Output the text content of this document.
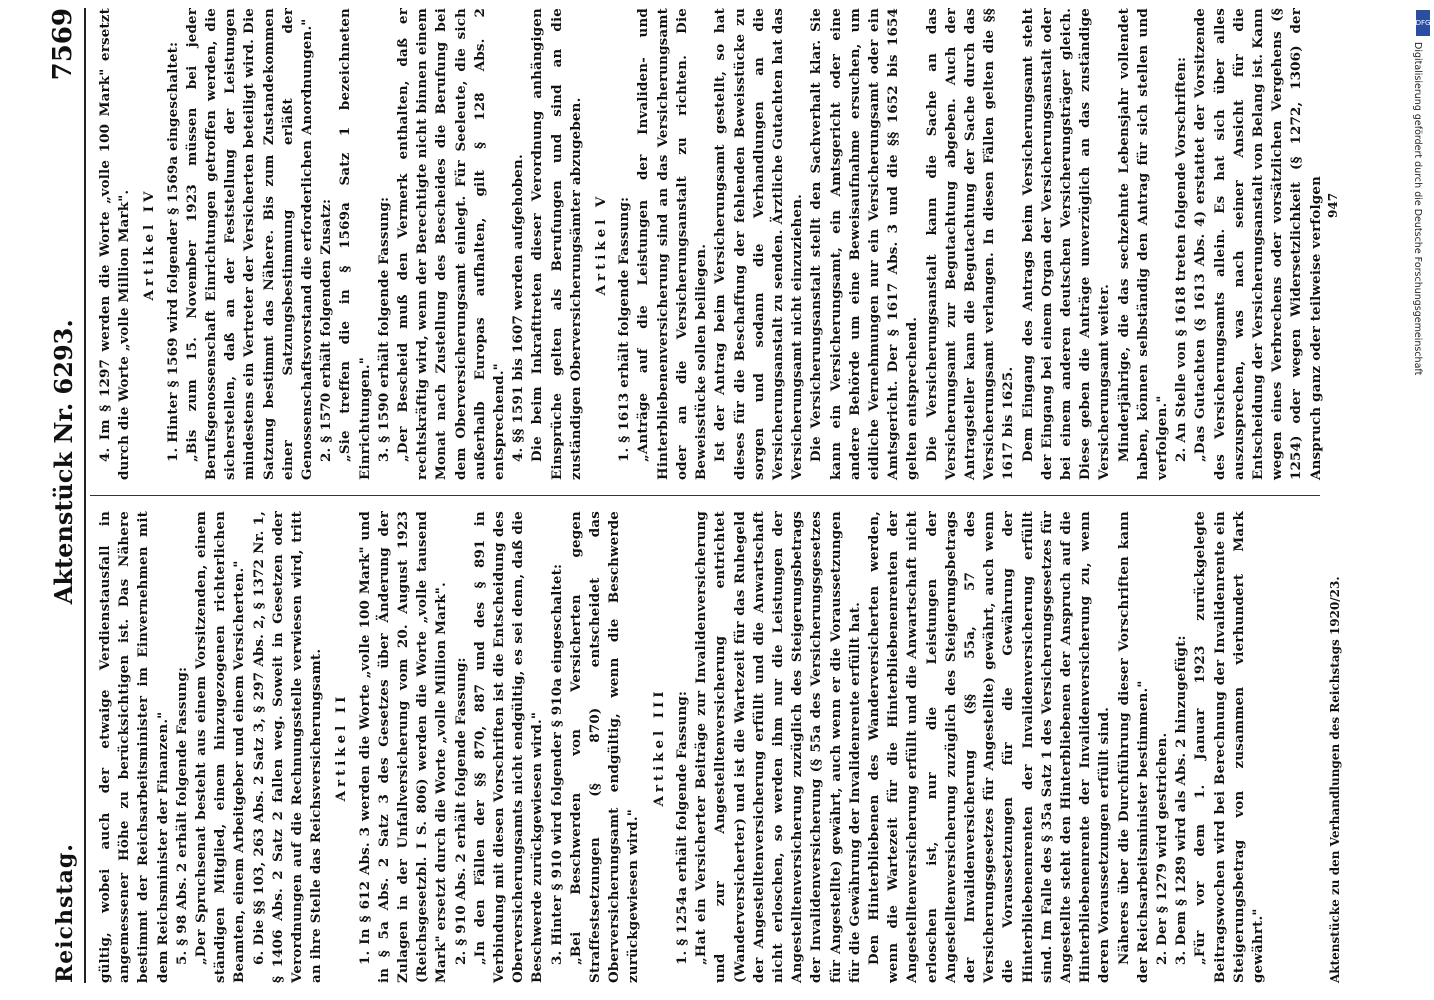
Reichstag.
Aktenstück Nr. 6293.
7569

gültig, wobei auch der etwaige Verdienstausfall in angemessener Höhe zu berücksichtigen ist. Das Nähere bestimmt der Reichsarbeitsminister im Einvernehmen mit dem Reichsminister der Finanzen." 5. § 98 Abs. 2 erhält folgende Fassung: „Der Spruchsenat besteht aus einem Vorsitzenden, einem ständigen Mitglied, einem hinzugezogenen richterlichen Beamten, einem Arbeitgeber und einem Versicherten." 6. Die §§ 103, 263 Abs. 2 Satz 3, § 297 Abs. 2, § 1372 Nr. 1, § 1406 Abs. 2 Satz 2 fallen weg. Soweit in Gesetzen oder Verordnungen auf die Rechnungsstelle verwiesen wird, tritt an ihre Stelle das Reichsversicherungsamt. Artikel II 1. In § 612 Abs. 3 werden die Worte „volle 100 Mark" und in § 5a Abs. 2 Satz 3 des Gesetzes über Änderung der Zulagen in der Unfallversicherung vom 20. August 1923 (Reichsgesetzbl. I S. 806) werden die Worte „volle tausend Mark" ersetzt durch die Worte „volle Million Mark". 2. § 910 Abs. 2 erhält folgende Fassung: „In den Fällen der §§ 870, 887 und des § 891 in Verbindung mit diesen Vorschriften ist die Entscheidung des Oberversicherungsamts nicht endgültig, es sei denn, daß die Beschwerde zurückgewiesen wird." 3. Hinter § 910 wird folgender § 910a eingeschaltet: „Bei Beschwerden von Versicherten gegen Straffestsetzungen (§ 870) entscheidet das Oberversicherungsamt endgültig, wenn die Beschwerde zurückgewiesen wird."

Artikel III 1. § 1254a erhält folgende Fassung: „Hat ein Versicherter Beiträge zur Invalidenversicherung und zur Angestelltenversicherung entrichtet (Wanderversicherter) und ist die Wartezeit für das Ruhegeld der Angestelltenversicherung erfüllt und die Anwartschaft nicht erloschen, so werden ihm nur die Leistungen der Angestelltenversicherung zuzüglich des Steigerungsbetrags der Invalidenversicherung (§ 55a des Versicherungsgesetzes für Angestellte) gewährt, auch wenn er die Voraussetzungen für die Gewährung der Invalidenrente erfüllt hat. Den Hinterbliebenen des Wanderversicherten werden, wenn die Wartezeit für die Hinterbliebenenrenten der Angestelltenversicherung erfüllt und die Anwartschaft nicht erloschen ist, nur die Leistungen der Angestelltenversicherung zuzüglich des Steigerungsbetrags der Invalidenversicherung (§§ 55a, 57 des Versicherungsgesetzes für Angestellte) gewährt, auch wenn die Voraussetzungen für die Gewährung der Hinterbliebenenrenten der Invalidenversicherung erfüllt sind. Im Falle des § 35a Satz 1 des Versicherungsgesetzes für Angestellte steht den Hinterbliebenen der Anspruch auf die Hinterbliebenenrente der Invalidenversicherung zu, wenn deren Voraussetzungen erfüllt sind. Näheres über die Durchführung dieser Vorschriften kann der Reichsarbeitsminister bestimmen." 2. Der § 1279 wird gestrichen. 3. Dem § 1289 wird als Abs. 2 hinzugefügt: „Für vor dem 1. Januar 1923 zurückgelegte Beitragswochen wird bei Berechnung der Invalidenrente ein Steigerungsbetrag von zusammen vierhundert Mark gewährt."

4. Im § 1297 werden die Worte „volle 100 Mark" ersetzt durch die Worte „volle Million Mark". Artikel IV 1. Hinter § 1569 wird folgender § 1569a eingeschaltet: „Bis zum 15. November 1923 müssen bei jeder Berufsgenossenschaft Einrichtungen getroffen werden, die sicherstellen, daß an der Feststellung der Leistungen mindestens ein Vertreter der Versicherten beteiligt wird. Die Satzung bestimmt das Nähere. Bis zum Zustandekommen einer Satzungsbestimmung erläßt der Genossenschaftsvorstand die erforderlichen Anordnungen." 2. § 1570 erhält folgenden Zusatz: „Sie treffen die in § 1569a Satz 1 bezeichneten Einrichtungen." 3. § 1590 erhält folgende Fassung: „Der Bescheid muß den Vermerk enthalten, daß er rechtskräftig wird, wenn der Berechtigte nicht binnen einem Monat nach Zustellung des Bescheides die Berufung bei dem Oberversicherungsamt einlegt. Für Seeleute, die sich außerhalb Europas aufhalten, gilt § 128 Abs. 2 entsprechend." 4. §§ 1591 bis 1607 werden aufgehoben. Die beim Inkrafttreten dieser Verordnung anhängigen Einsprüche gelten als Berufungen und sind an die zuständigen Oberversicherungsämter abzugeben. Artikel V 1. § 1613 erhält folgende Fassung: „Anträge auf die Leistungen der Invaliden- und Hinterbliebenenversicherung sind an das Versicherungsamt oder an die Versicherungsanstalt zu richten. Die Beweisstücke sollen beiliegen. Ist der Antrag beim Versicherungsamt gestellt, so hat dieses für die Beschaffung der fehlenden Beweisstücke zu sorgen und sodann die Verhandlungen an die Versicherungsanstalt zu senden. Ärztliche Gutachten hat das Versicherungsamt nicht einzuziehen. Die Versicherungsanstalt stellt den Sachverhalt klar. Sie kann ein Versicherungsamt, ein Amtsgericht oder eine andere Behörde um eine Beweisaufnahme ersuchen, um eidliche Vernehmungen nur ein Versicherungsamt oder ein Amtsgericht. Der § 1617 Abs. 3 und die §§ 1652 bis 1654 gelten entsprechend. Die Versicherungsanstalt kann die Sache an das Versicherungsamt zur Begutachtung abgeben. Auch der Antragsteller kann die Begutachtung der Sache durch das Versicherungsamt verlangen. In diesen Fällen gelten die §§ 1617 bis 1625. Dem Eingang des Antrags beim Versicherungsamt steht der Eingang bei einem Organ der Versicherungsanstalt oder bei einem anderen deutschen Versicherungsträger gleich. Diese geben die Anträge unverzüglich an das zuständige Versicherungsamt weiter. Minderjährige, die das sechzehnte Lebensjahr vollendet haben, können selbständig den Antrag für sich stellen und verfolgen." 2. An Stelle von § 1618 treten folgende Vorschriften: „Das Gutachten (§ 1613 Abs. 4) erstattet der Vorsitzende des Versicherungsamts allein. Es hat sich über alles auszusprechen, was nach seiner Ansicht für die Entscheidung der Versicherungsanstalt von Belang ist. Kann wegen eines Verbrechens oder vorsätzlichen Vergehens (§ 1254) oder wegen Widersetzlichkeit (§ 1272, 1306) der Anspruch ganz oder teilweise verfolgen

Aktenstücke zu den Verhandlungen des Reichstags 1920/23.
947
DFG
Digitalisierung gefördert durch die Deutsche Forschungsgemeinschaft
